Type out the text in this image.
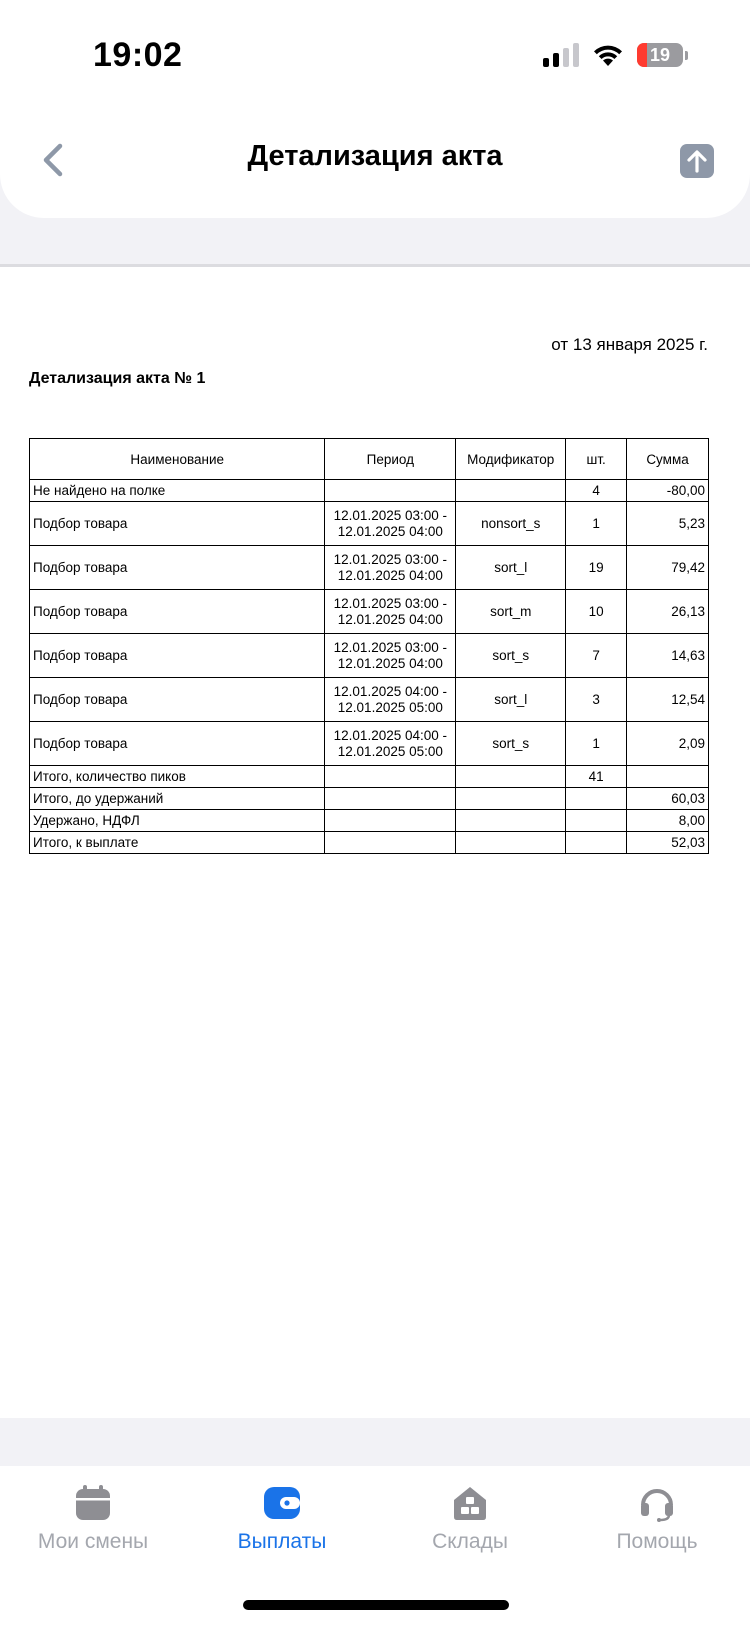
19:02	19
Детализация акта
от 13 января 2025 г.
Детализация акта № 1
Наименование	Период	Модификатор	шт.	Сумма
Не найдено на полке			4	-80,00
Подбор товара	12.01.2025 03:00 -
12.01.2025 04:00	nonsort_s	1	5,23
Подбор товара	12.01.2025 03:00 -
12.01.2025 04:00	sort_l	19	79,42
Подбор товара	12.01.2025 03:00 -
12.01.2025 04:00	sort_m	10	26,13
Подбор товара	12.01.2025 03:00 -
12.01.2025 04:00	sort_s	7	14,63
Подбор товара	12.01.2025 04:00 -
12.01.2025 05:00	sort_l	3	12,54
Подбор товара	12.01.2025 04:00 -
12.01.2025 05:00	sort_s	1	2,09
Итого, количество пиков			41	
Итого, до удержаний				60,03
Удержано, НДФЛ				8,00
Итого, к выплате				52,03
Мои смены	Выплаты	Склады	Помощь
